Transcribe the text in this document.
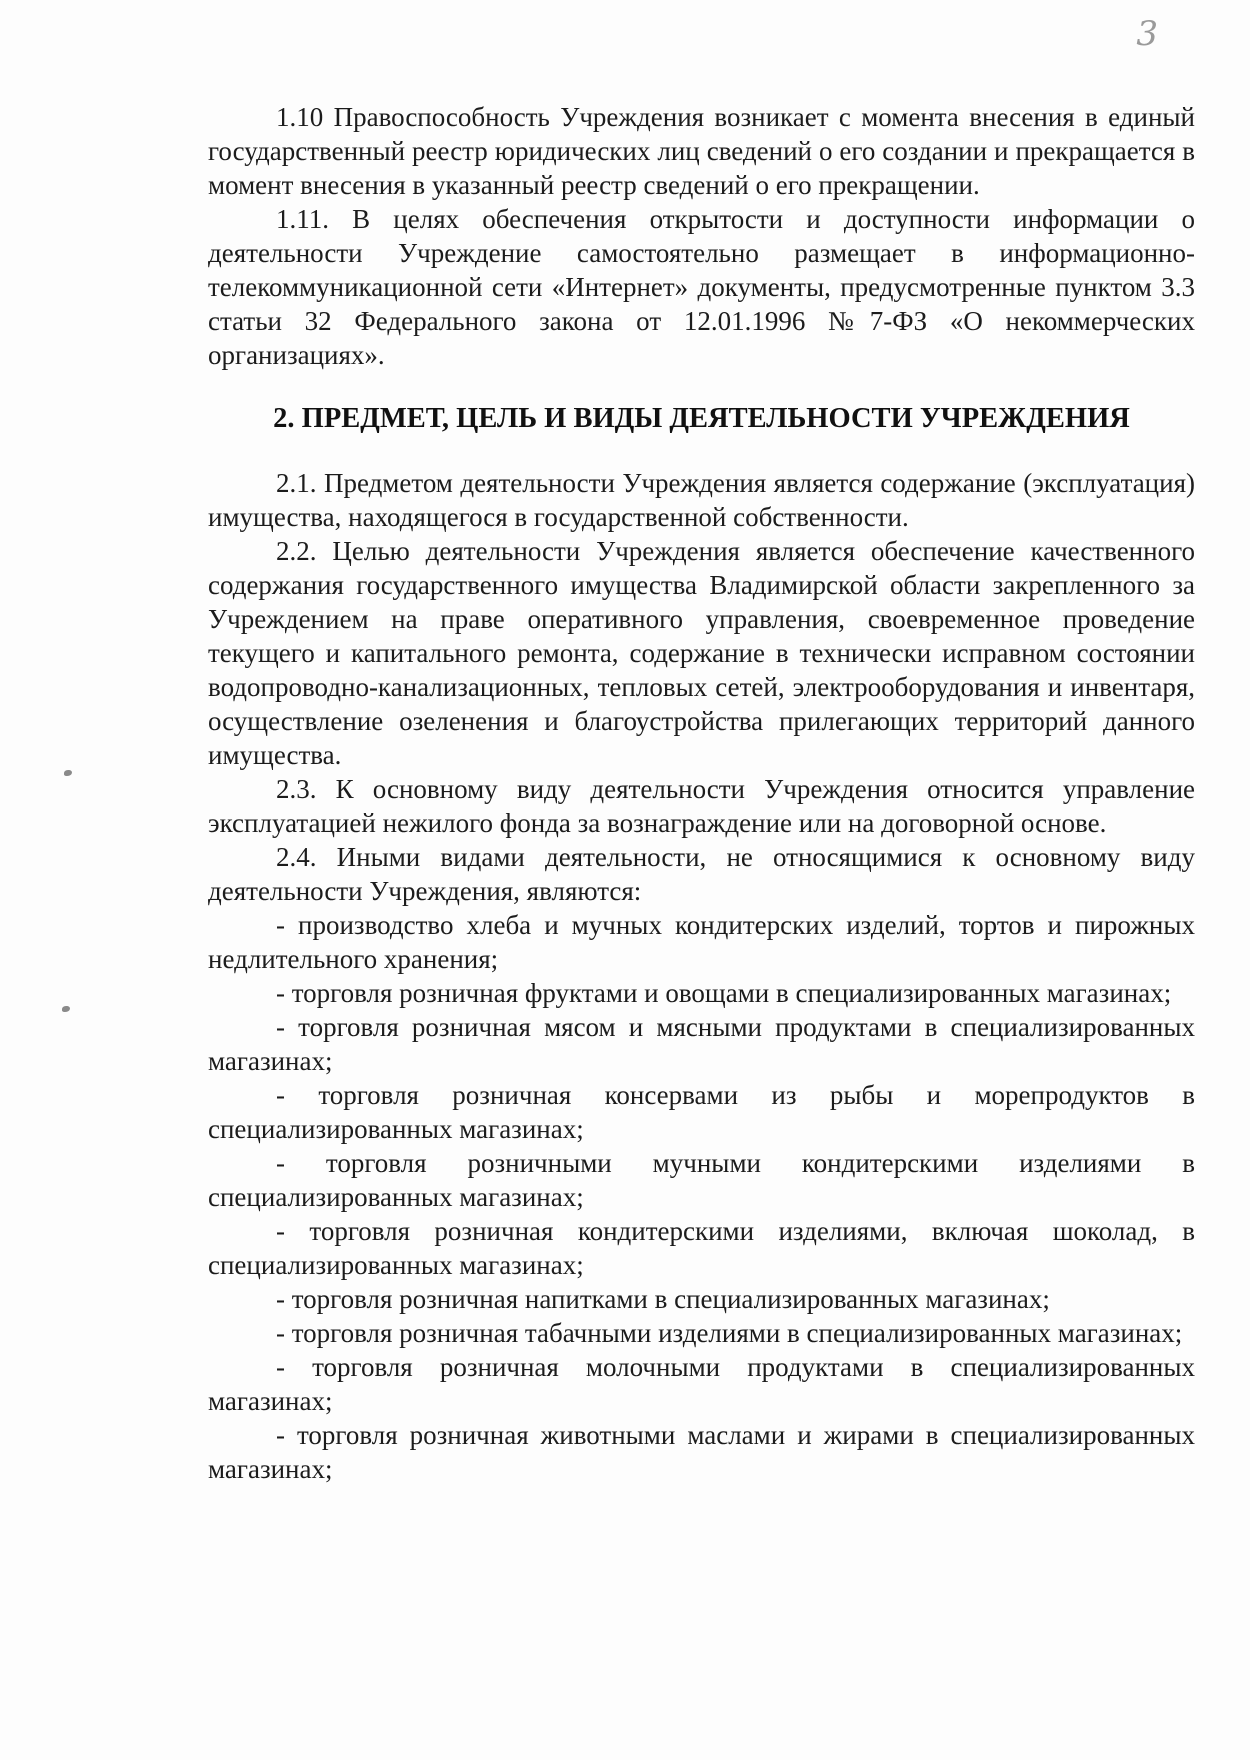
3

1.10 Правоспособность Учреждения возникает с момента внесения в единый государственный реестр юридических лиц сведений о его создании и прекращается в момент внесения в указанный реестр сведений о его прекращении.

1.11. В целях обеспечения открытости и доступности информации о деятельности Учреждение самостоятельно размещает в информационно-телекоммуникационной сети «Интернет» документы, предусмотренные пунктом 3.3 статьи 32 Федерального закона от 12.01.1996 №7-ФЗ «О некоммерческих организациях».

2. ПРЕДМЕТ, ЦЕЛЬ И ВИДЫ ДЕЯТЕЛЬНОСТИ УЧРЕЖДЕНИЯ

2.1. Предметом деятельности Учреждения является содержание (эксплуатация) имущества, находящегося в государственной собственности.

2.2. Целью деятельности Учреждения является обеспечение качественного содержания государственного имущества Владимирской области закрепленного за Учреждением на праве оперативного управления, своевременное проведение текущего и капитального ремонта, содержание в технически исправном состоянии водопроводно-канализационных, тепловых сетей, электрооборудования и инвентаря, осуществление озеленения и благоустройства прилегающих территорий данного имущества.

2.3. К основному виду деятельности Учреждения относится управление эксплуатацией нежилого фонда за вознаграждение или на договорной основе.

2.4. Иными видами деятельности, не относящимися к основному виду деятельности Учреждения, являются:

- производство хлеба и мучных кондитерских изделий, тортов и пирожных недлительного хранения;

- торговля розничная фруктами и овощами в специализированных магазинах;

- торговля розничная мясом и мясными продуктами в специализированных магазинах;

- торговля розничная консервами из рыбы и морепродуктов в специализированных магазинах;

- торговля розничными мучными кондитерскими изделиями в специализированных магазинах;

- торговля розничная кондитерскими изделиями, включая шоколад, в специализированных магазинах;

- торговля розничная напитками в специализированных магазинах;

- торговля розничная табачными изделиями в специализированных магазинах;

- торговля розничная молочными продуктами в специализированных магазинах;

- торговля розничная животными маслами и жирами в специализированных магазинах;
